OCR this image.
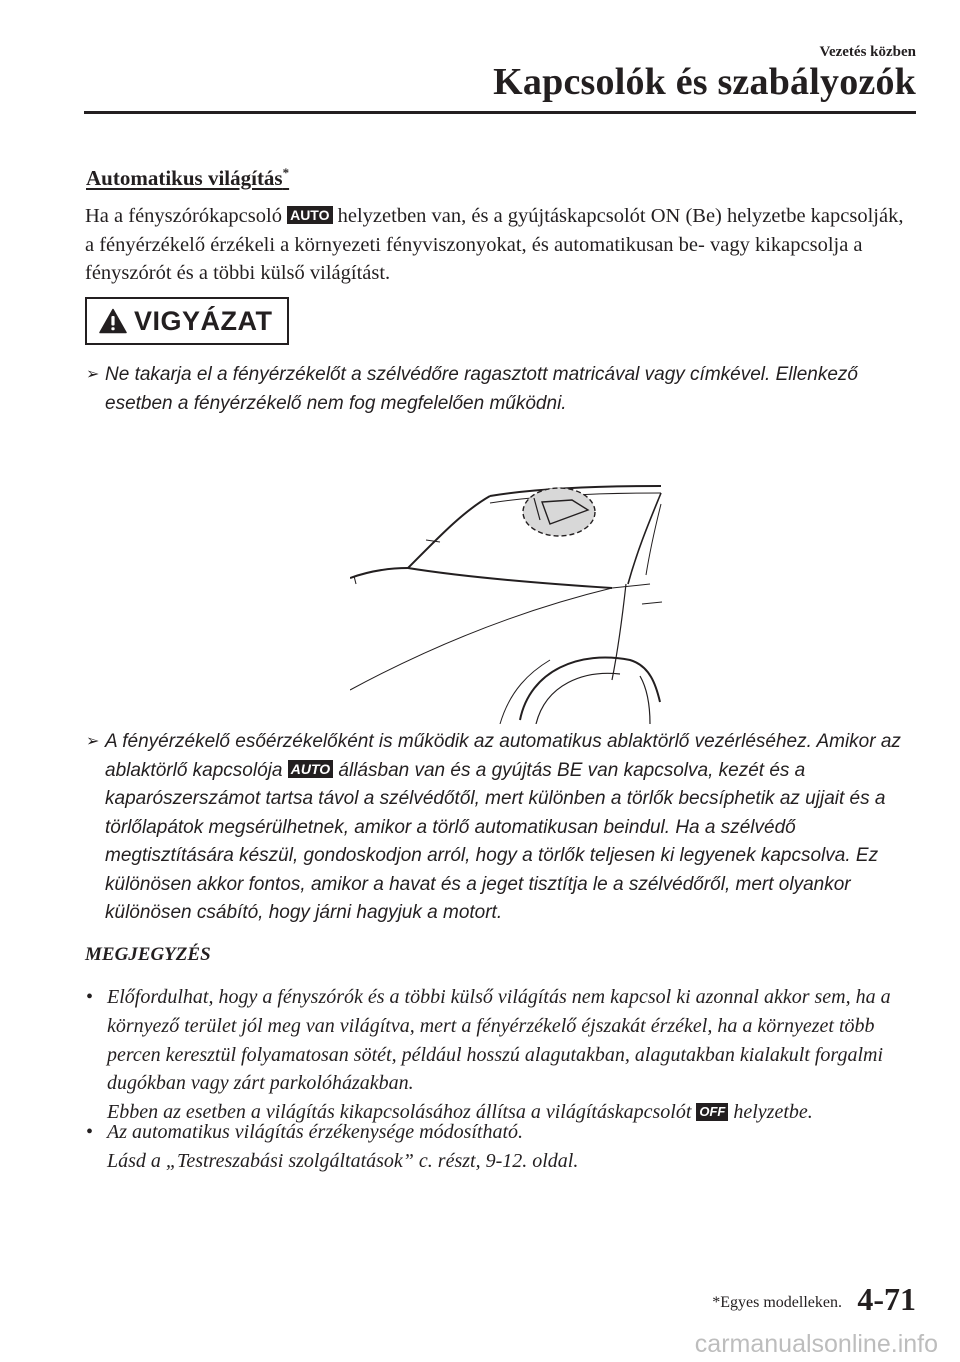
Vezetés közben
Kapcsolók és szabályozók
Automatikus világítás*
Ha a fényszórókapcsoló AUTO helyzetben van, és a gyújtáskapcsolót ON (Be) helyzetbe kapcsolják, a fényérzékelő érzékeli a környezeti fényviszonyokat, és automatikusan be- vagy kikapcsolja a fényszórót és a többi külső világítást.
VIGYÁZAT
➢ Ne takarja el a fényérzékelőt a szélvédőre ragasztott matricával vagy címkével. Ellenkező esetben a fényérzékelő nem fog megfelelően működni.
➢ A fényérzékelő esőérzékelőként is működik az automatikus ablaktörlő vezérléséhez. Amikor az ablaktörlő kapcsolója AUTO állásban van és a gyújtás BE van kapcsolva, kezét és a kaparószerszámot tartsa távol a szélvédőtől, mert különben a törlők becsíphetik az ujjait és a törlőlapátok megsérülhetnek, amikor a törlő automatikusan beindul. Ha a szélvédő megtisztítására készül, gondoskodjon arról, hogy a törlők teljesen ki legyenek kapcsolva. Ez különösen akkor fontos, amikor a havat és a jeget tisztítja le a szélvédőről, mert olyankor különösen csábító, hogy járni hagyjuk a motort.
MEGJEGYZÉS
• Előfordulhat, hogy a fényszórók és a többi külső világítás nem kapcsol ki azonnal akkor sem, ha a környező terület jól meg van világítva, mert a fényérzékelő éjszakát érzékel, ha a környezet több percen keresztül folyamatosan sötét, például hosszú alagutakban, alagutakban kialakult forgalmi dugókban vagy zárt parkolóházakban.
Ebben az esetben a világítás kikapcsolásához állítsa a világításkapcsolót OFF helyzetbe.
• Az automatikus világítás érzékenysége módosítható.
Lásd a „Testreszabási szolgáltatások” c. részt, 9-12. oldal.
*Egyes modelleken. 4-71
carmanualsonline.info
